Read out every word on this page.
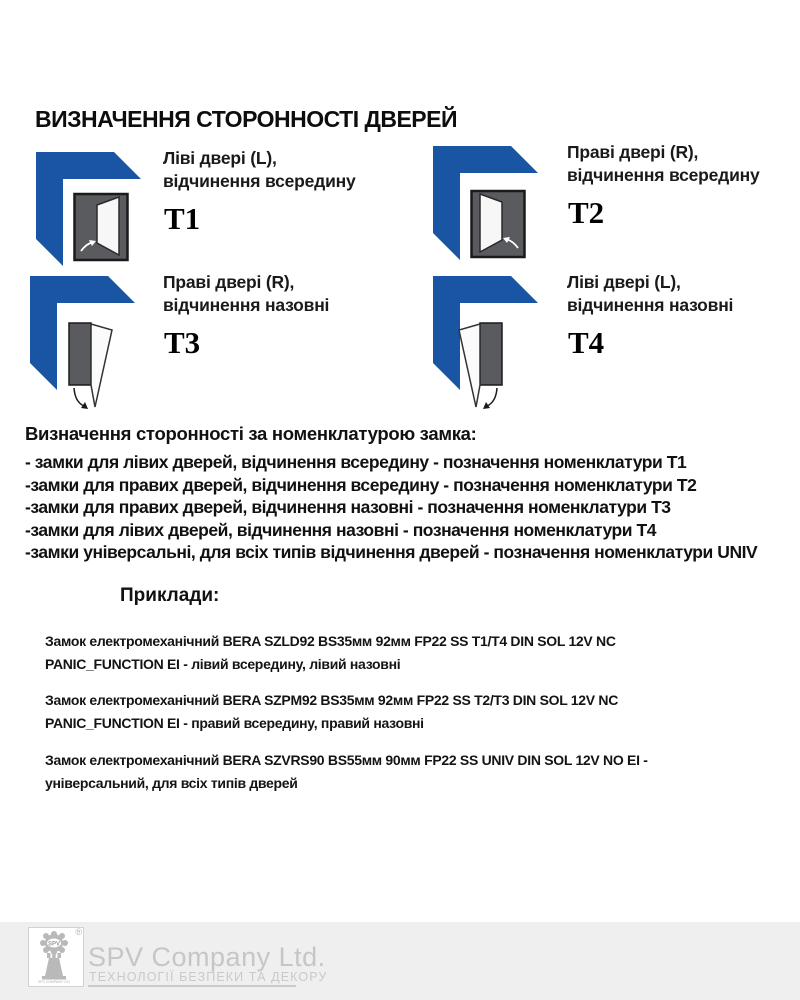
ВИЗНАЧЕННЯ СТОРОННОСТІ ДВЕРЕЙ
Ліві двері (L),
відчинення всередину
Т1
Праві двері (R),
відчинення всередину
Т2
Праві двері (R),
відчинення назовні
Т3
Ліві двері (L),
відчинення назовні
Т4
Визначення сторонності за номенклатурою замка:
- замки для лівих дверей, відчинення всередину - позначення номенклатури Т1
-замки для правих дверей, відчинення всередину - позначення номенклатури Т2
-замки для правих дверей, відчинення назовні - позначення номенклатури Т3
-замки для лівих дверей, відчинення назовні - позначення номенклатури Т4
-замки універсальні, для всіх типів відчинення дверей - позначення номенклатури UNIV
Приклади:
Замок електромеханічний BERA SZLD92 BS35мм 92мм FP22 SS T1/T4 DIN SOL 12V NC
PANIC_FUNCTION EI - лівий всередину, лівий назовні
Замок електромеханічний BERA SZPM92 BS35мм 92мм FP22 SS T2/T3 DIN SOL 12V NC
PANIC_FUNCTION EI - правий всередину, правий назовні
Замок електромеханічний BERA SZVRS90 BS55мм 90мм FP22 SS UNIV DIN SOL 12V NO EI -
універсальний, для всіх типів дверей
SPV
SPV COMPANY LTD
®
SPV Company Ltd.
ТЕХНОЛОГІЇ БЕЗПЕКИ ТА ДЕКОРУ
